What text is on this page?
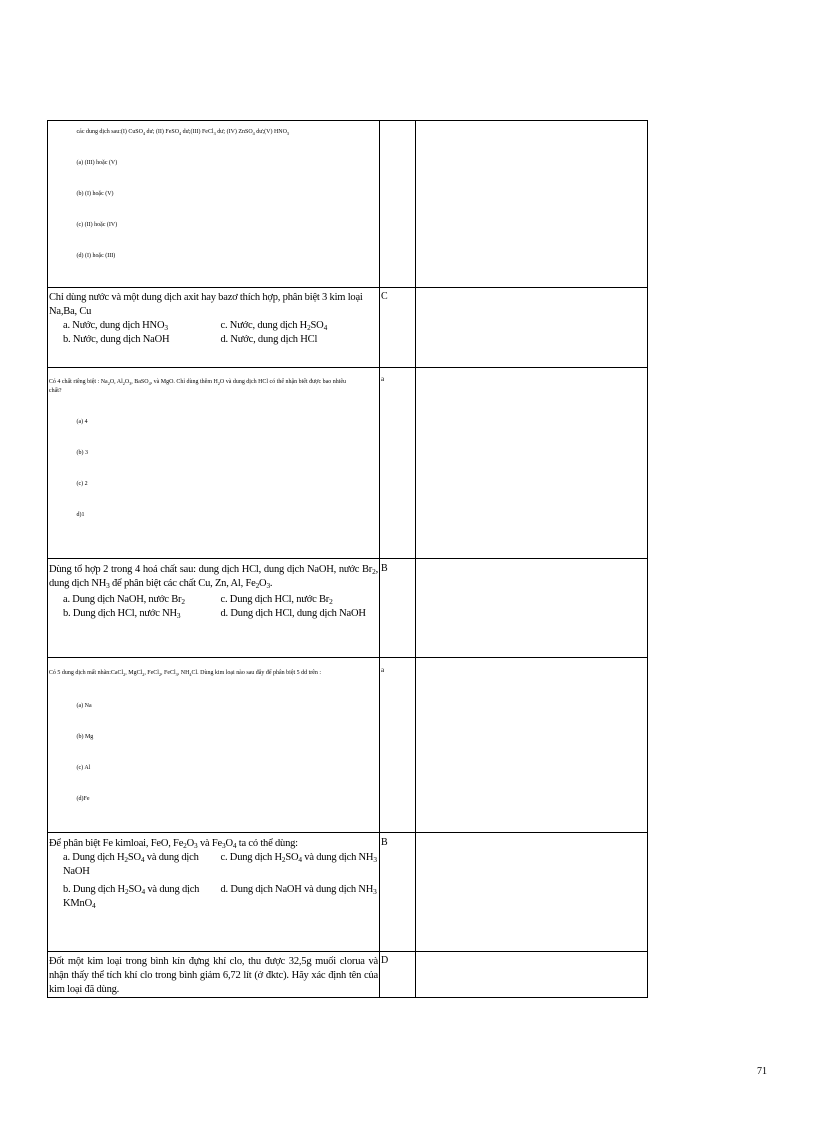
các dung dịch sau:(I) CuSO$_4$ dư; (II) FeSO$_4$ dư;(III) FeCl$_3$ dư; (IV) ZnSO$_4$ dư;(V) $HNO_3$
(a) (III) hoặc (V)
(b) (I) hoặc (V)
(c) (II) hoặc (IV)
(d) (I) hoặc (III)		

Chỉ dùng nước và một dung dịch axit hay bazơ thích hợp, phân biệt 3 kim loại Na,Ba, Cu
a. Nước, dung dịch $HNO_3$ c. Nước, dung dịch $H_2SO_4$
b. Nước, dung dịch NaOH d. Nước, dung dịch HCl	C	

Có 4 chất riêng biệt : $Na_2O$, $Al_2O_3$, BaSO$_4$, và MgO. Chỉ dùng thêm $H_2O$ và dung dịch HCl có thể nhận biết được bao nhiêu chất?
(a) 4
(b) 3
(c) 2
d)1	a	

Dùng tổ hợp 2 trong 4 hoá chất sau: dung dịch HCl, dung dịch NaOH, nước $Br_2$, dung dịch $NH_3$ để phân biệt các chất Cu, Zn, Al, $Fe_2O_3$.
a. Dung dịch NaOH, nước $Br_2$ c. Dung dịch HCl, nước $Br_2$
b. Dung dịch HCl, nước $NH_3$ d. Dung dịch HCl, dung dịch NaOH	B	

Có 5 dung dịch mất nhãn:CaCl$_2$, MgCl$_2$, FeCl$_2$, FeCl$_3$, $NH_4Cl$. Dùng kim loại nào sau đây để phân biệt 5 dd trên :
(a) Na
(b) Mg
(c) Al
(d)Fe	a	

Để phân biệt Fe kimloai, FeO, $Fe_2O_3$ và $Fe_3O_4$ ta có thể dùng:
a. Dung dịch $H_2SO_4$ và dung dịch NaOH
c. Dung dịch $H_2SO_4$ và dung dịch $NH_3$
b. Dung dịch $H_2SO_4$ và dung dịch KMnO$_4$
d. Dung dịch NaOH và dung dịch $NH_3$	B	

Đốt một kim loại trong bình kín đựng khí clo, thu được 32,5g muối clorua và nhận thấy thể tích khí clo trong bình giảm 6,72 lít (ở đktc). Hãy xác định tên của kim loại đã dùng.	D	

71
